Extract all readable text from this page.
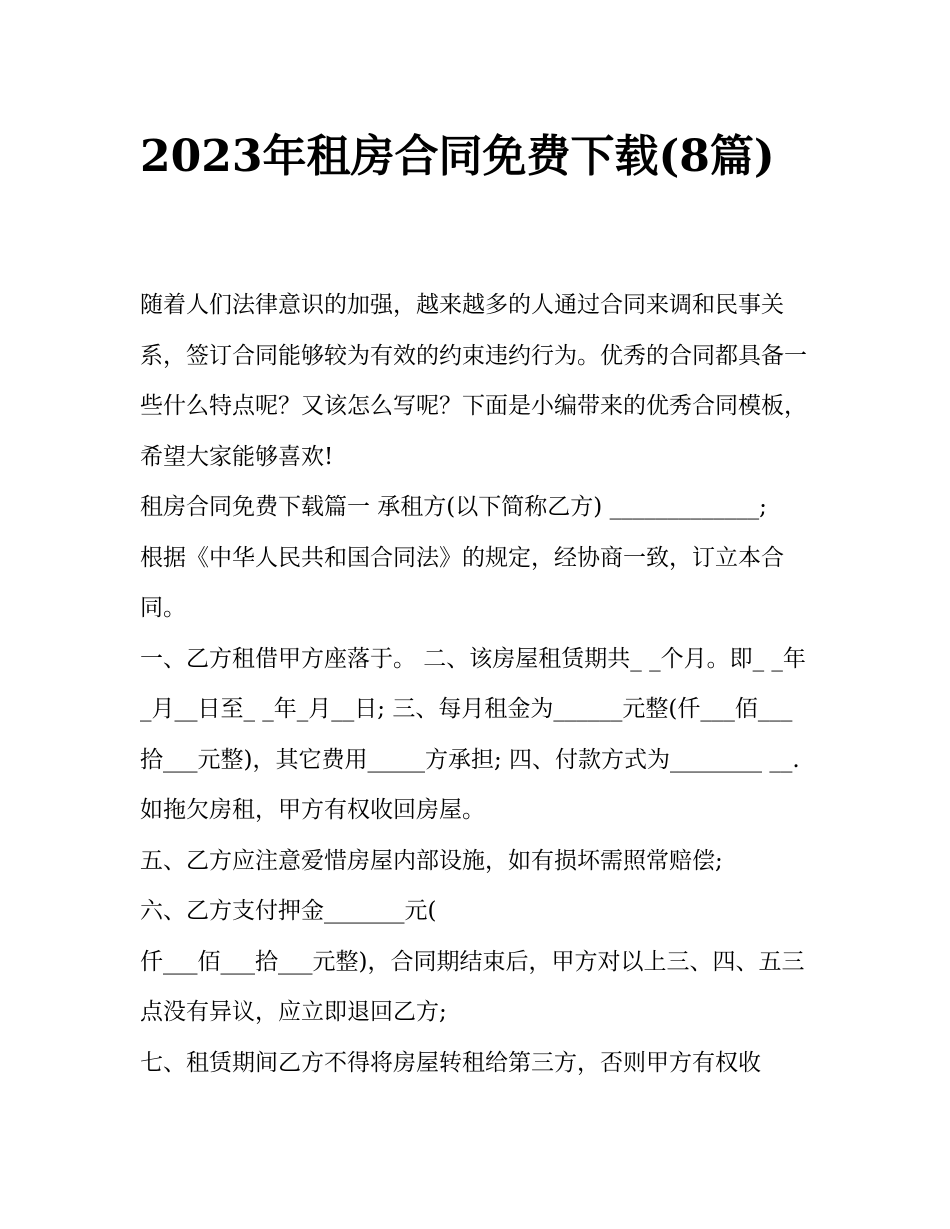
2023年租房合同免费下载(8篇)

随着人们法律意识的加强，越来越多的人通过合同来调和民事关系，签订合同能够较为有效的约束违约行为。优秀的合同都具备一些什么特点呢？又该怎么写呢？下面是小编带来的优秀合同模板，希望大家能够喜欢!

租房合同免费下载篇一 承租方(以下简称乙方) _____________;

根据《中华人民共和国合同法》的规定，经协商一致，订立本合同。

一、乙方租借甲方座落于。 二、该房屋租赁期共_ _个月。即_ _年_月__日至_ _年_月__日; 三、每月租金为______元整(仟___佰___拾___元整)，其它费用_____方承担; 四、付款方式为________ __.如拖欠房租，甲方有权收回房屋。

五、乙方应注意爱惜房屋内部设施，如有损坏需照常赔偿;

六、乙方支付押金_______元(

仟___佰___拾___元整)，合同期结束后，甲方对以上三、四、五三点没有异议，应立即退回乙方;

七、租赁期间乙方不得将房屋转租给第三方，否则甲方有权收
